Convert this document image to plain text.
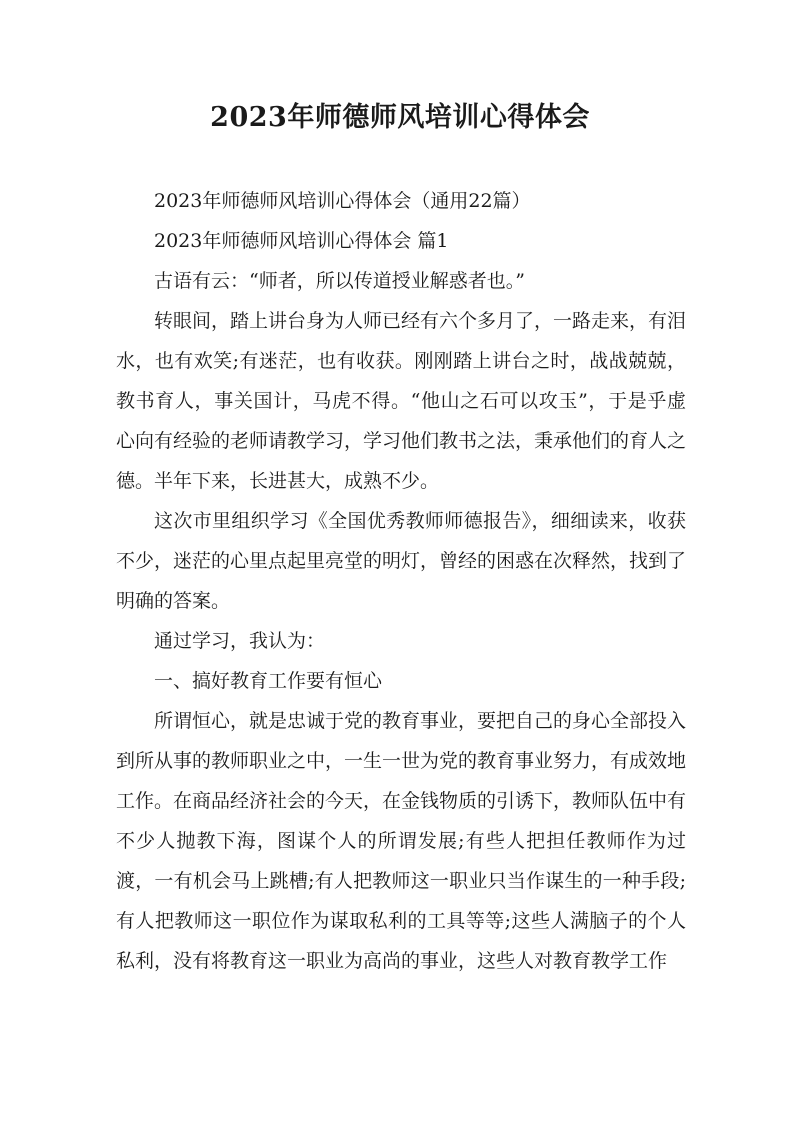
2023年师德师风培训心得体会

2023年师德师风培训心得体会（通用22篇）

2023年师德师风培训心得体会 篇1

古语有云：“师者，所以传道授业解惑者也。”

转眼间，踏上讲台身为人师已经有六个多月了，一路走来，有泪水，也有欢笑;有迷茫，也有收获。刚刚踏上讲台之时，战战兢兢，教书育人，事关国计，马虎不得。“他山之石可以攻玉”，于是乎虚心向有经验的老师请教学习，学习他们教书之法，秉承他们的育人之德。半年下来，长进甚大，成熟不少。

这次市里组织学习《全国优秀教师师德报告》，细细读来，收获不少，迷茫的心里点起里亮堂的明灯，曾经的困惑在次释然，找到了明确的答案。

通过学习，我认为：

一、搞好教育工作要有恒心

所谓恒心，就是忠诚于党的教育事业，要把自己的身心全部投入到所从事的教师职业之中，一生一世为党的教育事业努力，有成效地工作。在商品经济社会的今天，在金钱物质的引诱下，教师队伍中有不少人抛教下海，图谋个人的所谓发展;有些人把担任教师作为过渡，一有机会马上跳槽;有人把教师这一职业只当作谋生的一种手段;有人把教师这一职位作为谋取私利的工具等等;这些人满脑子的个人私利，没有将教育这一职业为高尚的事业，这些人对教育教学工作
